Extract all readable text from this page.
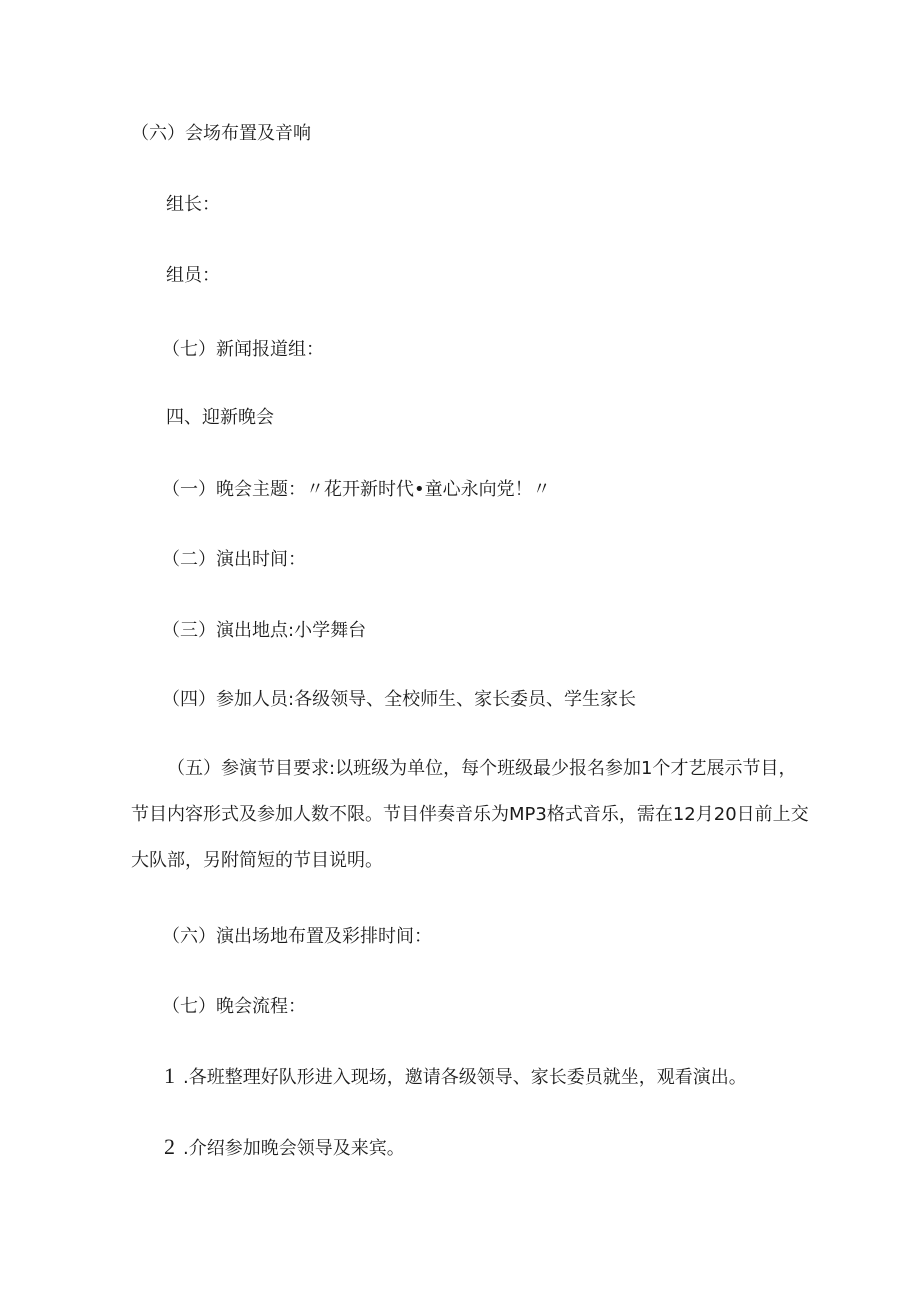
（六）会场布置及音响
组长：
组员：
（七）新闻报道组：
四、迎新晚会
（一）晚会主题：〃花开新时代•童心永向党！〃
（二）演出时间：
（三）演出地点:小学舞台
（四）参加人员:各级领导、全校师生、家长委员、学生家长
（五）参演节目要求:以班级为单位，每个班级最少报名参加1个才艺展示节目，节目内容形式及参加人数不限。节目伴奏音乐为MP3格式音乐，需在12月20日前上交大队部，另附简短的节目说明。
（六）演出场地布置及彩排时间：
（七）晚会流程：
1 .各班整理好队形进入现场，邀请各级领导、家长委员就坐，观看演出。
2 .介绍参加晚会领导及来宾。
